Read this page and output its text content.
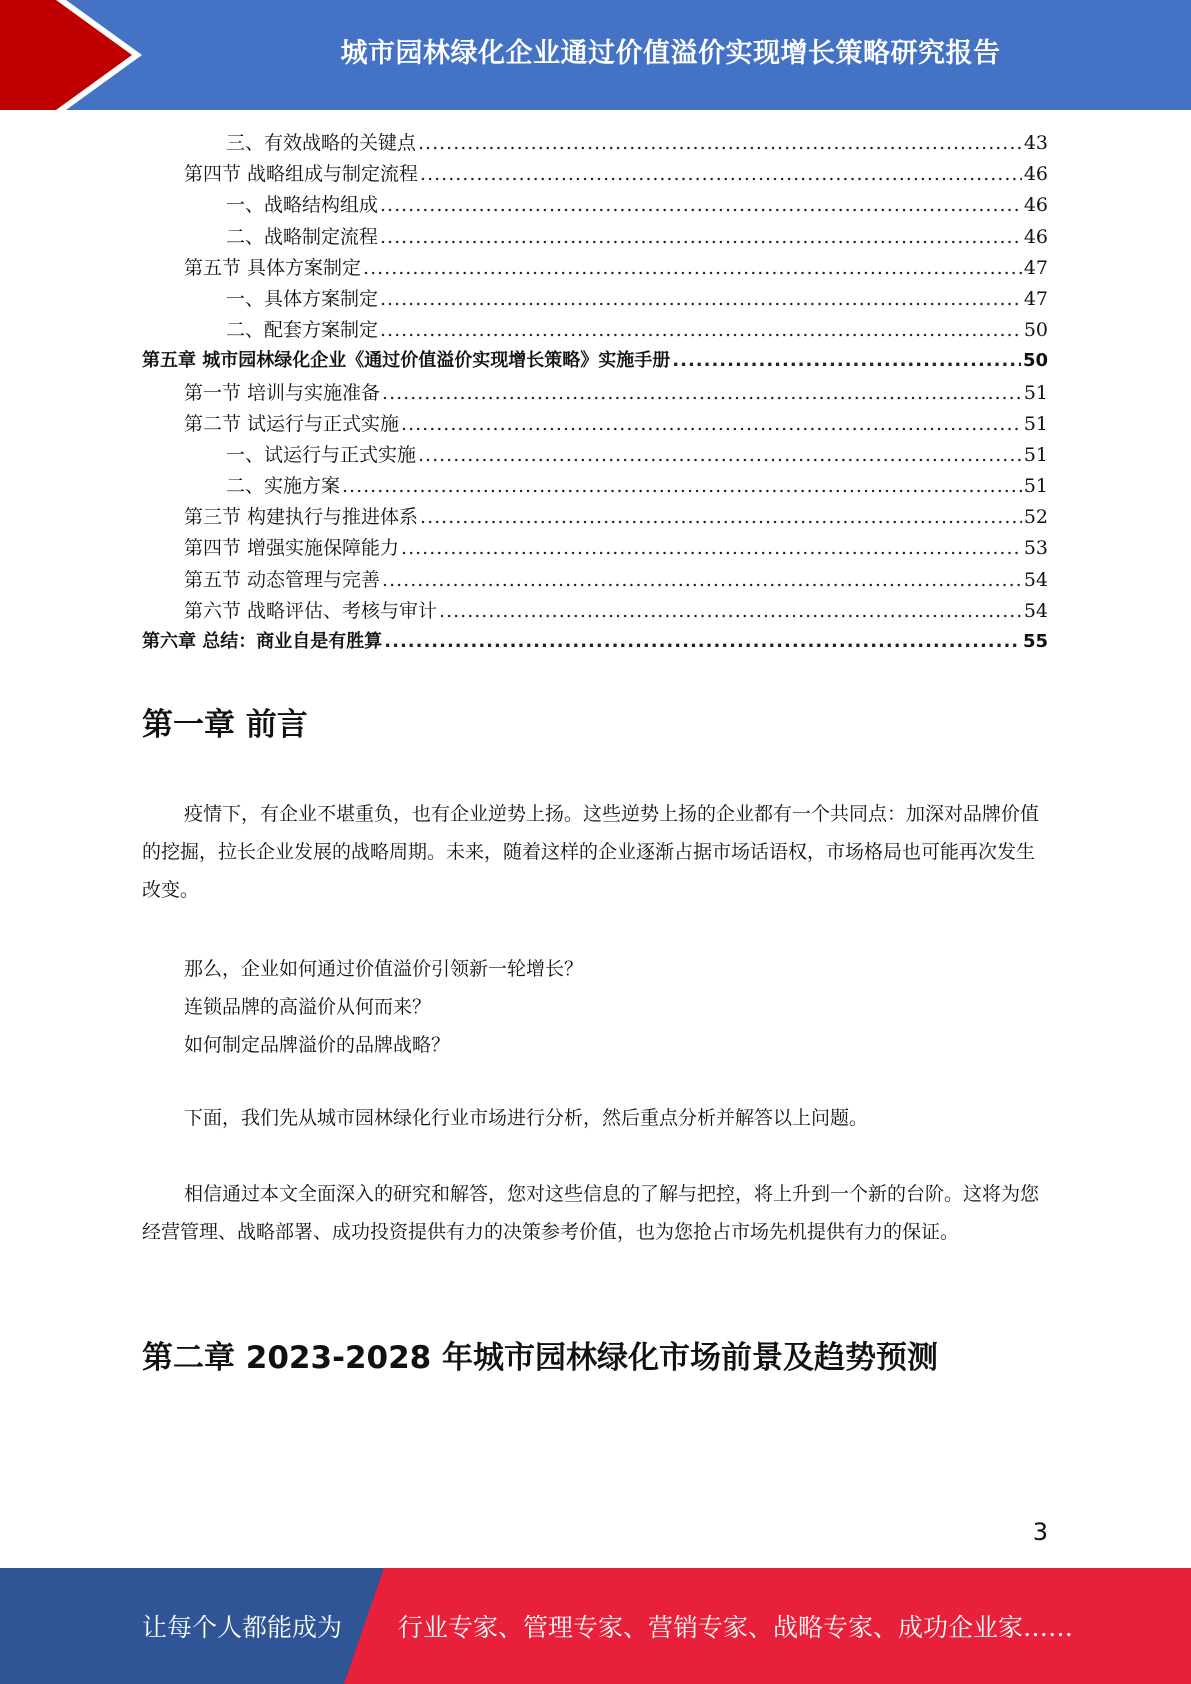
城市园林绿化企业通过价值溢价实现增长策略研究报告
三、有效战略的关键点 .....	43
第四节 战略组成与制定流程 .....	46
一、战略结构组成 .....	46
二、战略制定流程 .....	46
第五节 具体方案制定 .....	47
一、具体方案制定 .....	47
二、配套方案制定 .....	50
第五章 城市园林绿化企业《通过价值溢价实现增长策略》实施手册 .....	50
第一节 培训与实施准备 .....	51
第二节 试运行与正式实施 .....	51
一、试运行与正式实施 .....	51
二、实施方案 .....	51
第三节 构建执行与推进体系 .....	52
第四节 增强实施保障能力 .....	53
第五节 动态管理与完善 .....	54
第六节 战略评估、考核与审计 .....	54
第六章 总结：商业自是有胜算 .....	55
第一章 前言

疫情下，有企业不堪重负，也有企业逆势上扬。这些逆势上扬的企业都有一个共同点：加深对品牌价值的挖掘，拉长企业发展的战略周期。未来，随着这样的企业逐渐占据市场话语权，市场格局也可能再次发生改变。

那么，企业如何通过价值溢价引领新一轮增长？
连锁品牌的高溢价从何而来？
如何制定品牌溢价的品牌战略？

下面，我们先从城市园林绿化行业市场进行分析，然后重点分析并解答以上问题。

相信通过本文全面深入的研究和解答，您对这些信息的了解与把控，将上升到一个新的台阶。这将为您经营管理、战略部署、成功投资提供有力的决策参考价值，也为您抢占市场先机提供有力的保证。

第二章 2023-2028 年城市园林绿化市场前景及趋势预测
3
让每个人都能成为 行业专家、管理专家、营销专家、战略专家、成功企业家……
